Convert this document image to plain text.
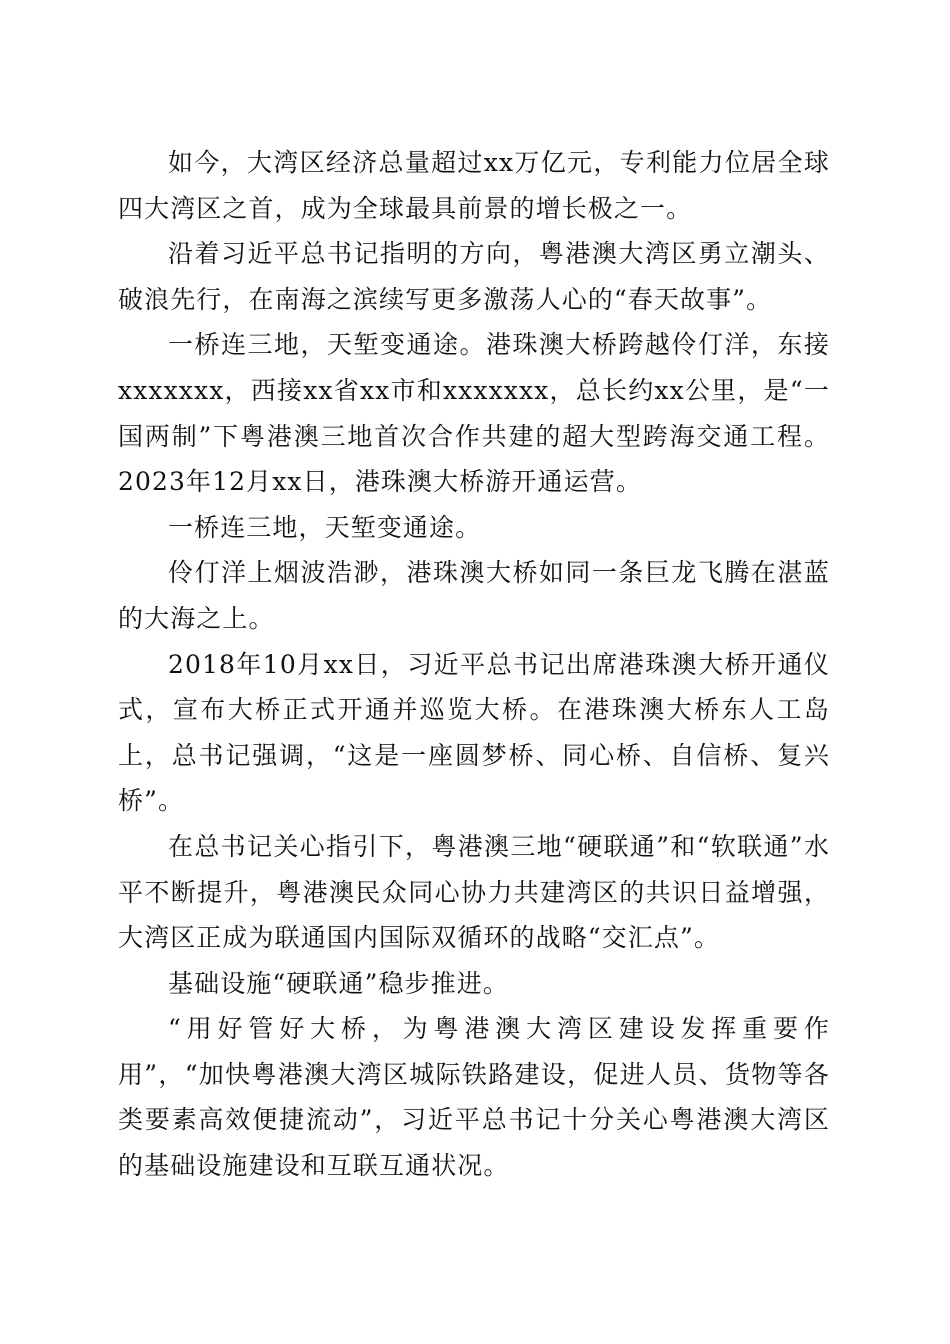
如今，大湾区经济总量超过xx万亿元，专利能力位居全球四大湾区之首，成为全球最具前景的增长极之一。

沿着习近平总书记指明的方向，粤港澳大湾区勇立潮头、破浪先行，在南海之滨续写更多激荡人心的“春天故事”。

一桥连三地，天堑变通途。港珠澳大桥跨越伶仃洋，东接xxxxxxx，西接xx省xx市和xxxxxxx，总长约xx公里，是“一国两制”下粤港澳三地首次合作共建的超大型跨海交通工程。2023年12月xx日，港珠澳大桥游开通运营。

一桥连三地，天堑变通途。

伶仃洋上烟波浩渺，港珠澳大桥如同一条巨龙飞腾在湛蓝的大海之上。

2018年10月xx日，习近平总书记出席港珠澳大桥开通仪式，宣布大桥正式开通并巡览大桥。在港珠澳大桥东人工岛上，总书记强调，“这是一座圆梦桥、同心桥、自信桥、复兴桥”。

在总书记关心指引下，粤港澳三地“硬联通”和“软联通”水平不断提升，粤港澳民众同心协力共建湾区的共识日益增强，大湾区正成为联通国内国际双循环的战略“交汇点”。

基础设施“硬联通”稳步推进。

“用好管好大桥，为粤港澳大湾区建设发挥重要作用”，“加快粤港澳大湾区城际铁路建设，促进人员、货物等各类要素高效便捷流动”，习近平总书记十分关心粤港澳大湾区的基础设施建设和互联互通状况。
